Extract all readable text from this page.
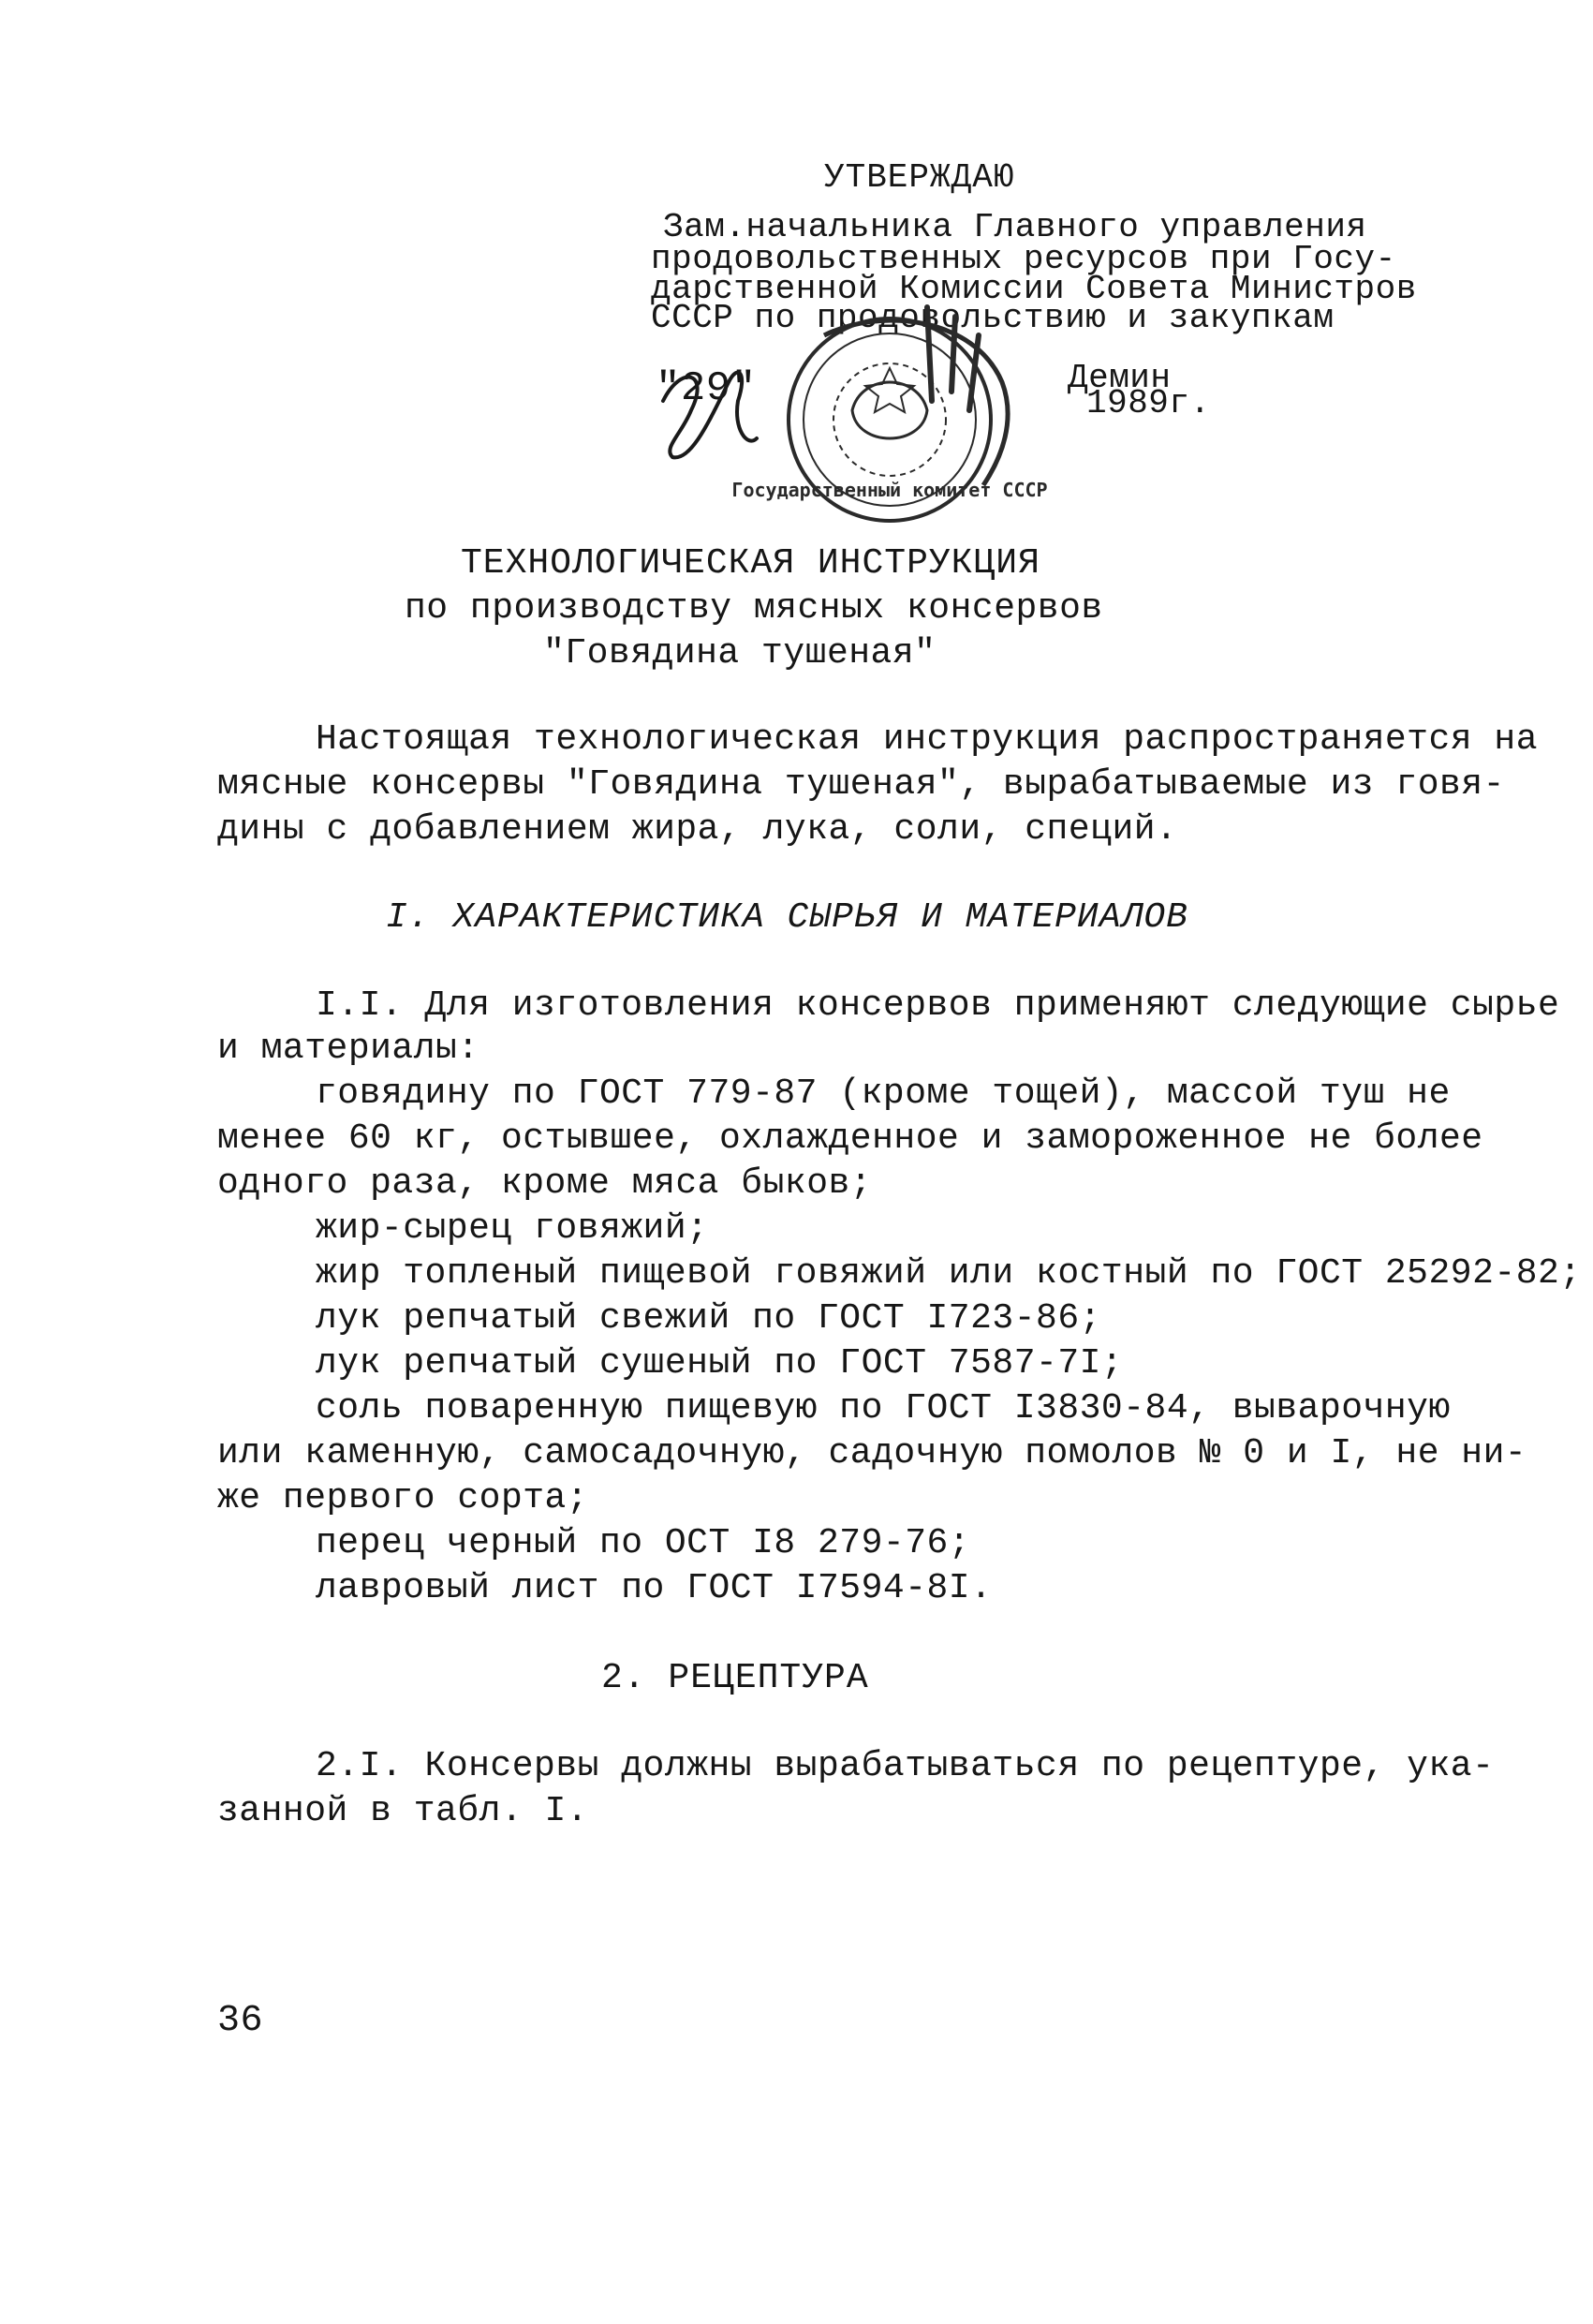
УТВЕРЖДАЮ
Зам.начальника Главного управления
продовольственных ресурсов при Госу-
дарственной Комиссии Совета Министров
СССР по продовольствию и закупкам
"29"	Демин
1989г.
Государственный комитет СССР
ТЕХНОЛОГИЧЕСКАЯ ИНСТРУКЦИЯ
по производству мясных консервов
"Говядина тушеная"
Настоящая технологическая инструкция распространяется на
мясные консервы "Говядина тушеная", вырабатываемые из говя-
дины с добавлением жира, лука, соли, специй.
I. ХАРАКТЕРИСТИКА СЫРЬЯ И МАТЕРИАЛОВ
I.I. Для изготовления консервов применяют следующие сырье
и материалы:
говядину по ГОСТ 779-87 (кроме тощей), массой туш не
менее 60 кг, остывшее, охлажденное и замороженное не более
одного раза, кроме мяса быков;
жир-сырец говяжий;
жир топленый пищевой говяжий или костный по ГОСТ 25292-82;
лук репчатый свежий по ГОСТ I723-86;
лук репчатый сушеный по ГОСТ 7587-7I;
соль поваренную пищевую по ГОСТ I3830-84, выварочную
или каменную, самосадочную, садочную помолов № 0 и I, не ни-
же первого сорта;
перец черный по ОСТ I8 279-76;
лавровый лист по ГОСТ I7594-8I.
2. РЕЦЕПТУРА
2.I. Консервы должны вырабатываться по рецептуре, ука-
занной в табл. I.
36
